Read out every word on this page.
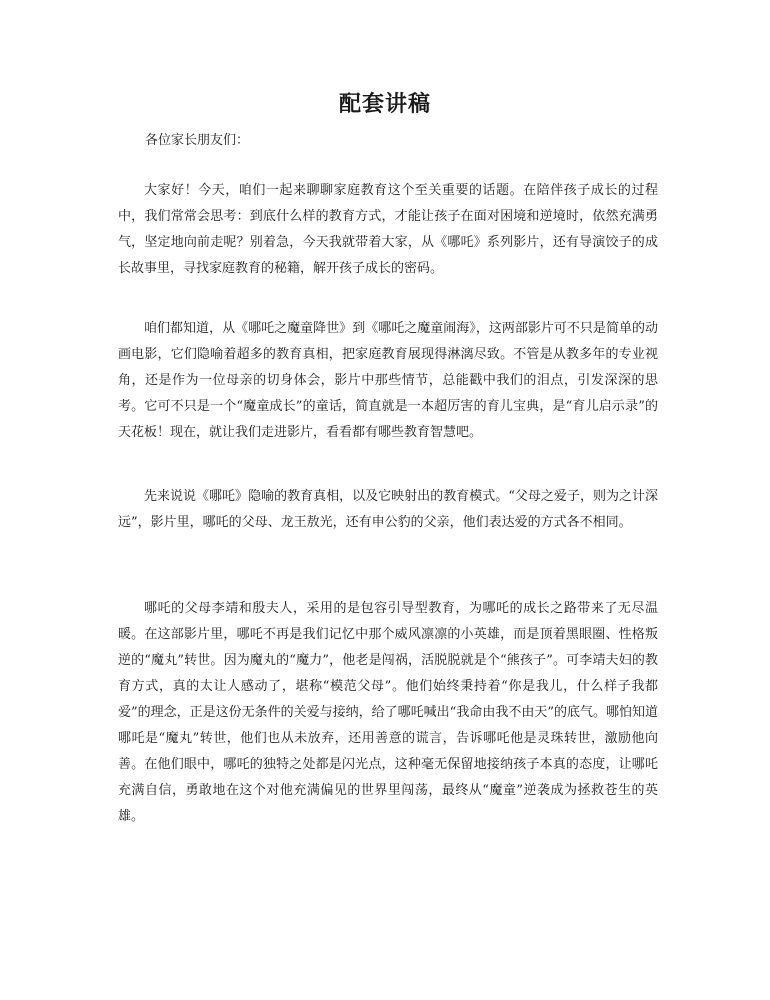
配套讲稿

各位家长朋友们：

大家好！今天，咱们一起来聊聊家庭教育这个至关重要的话题。在陪伴孩子成长的过程中，我们常常会思考：到底什么样的教育方式，才能让孩子在面对困境和逆境时，依然充满勇气，坚定地向前走呢？别着急，今天我就带着大家，从《哪吒》系列影片，还有导演饺子的成长故事里，寻找家庭教育的秘籍，解开孩子成长的密码。

咱们都知道，从《哪吒之魔童降世》到《哪吒之魔童闹海》，这两部影片可不只是简单的动画电影，它们隐喻着超多的教育真相，把家庭教育展现得淋漓尽致。不管是从教多年的专业视角，还是作为一位母亲的切身体会，影片中那些情节，总能戳中我们的泪点，引发深深的思考。它可不只是一个“魔童成长”的童话，简直就是一本超厉害的育儿宝典，是“育儿启示录”的天花板！现在，就让我们走进影片，看看都有哪些教育智慧吧。

先来说说《哪吒》隐喻的教育真相，以及它映射出的教育模式。“父母之爱子，则为之计深远”，影片里，哪吒的父母、龙王敖光，还有申公豹的父亲，他们表达爱的方式各不相同。

哪吒的父母李靖和殷夫人，采用的是包容引导型教育，为哪吒的成长之路带来了无尽温暖。在这部影片里，哪吒不再是我们记忆中那个威风凛凛的小英雄，而是顶着黑眼圈、性格叛逆的“魔丸”转世。因为魔丸的“魔力”，他老是闯祸，活脱脱就是个“熊孩子”。可李靖夫妇的教育方式，真的太让人感动了，堪称“模范父母”。他们始终秉持着“你是我儿，什么样子我都爱”的理念，正是这份无条件的关爱与接纳，给了哪吒喊出“我命由我不由天”的底气。哪怕知道哪吒是“魔丸”转世，他们也从未放弃，还用善意的谎言，告诉哪吒他是灵珠转世，激励他向善。在他们眼中，哪吒的独特之处都是闪光点，这种毫无保留地接纳孩子本真的态度，让哪吒充满自信，勇敢地在这个对他充满偏见的世界里闯荡，最终从“魔童”逆袭成为拯救苍生的英雄。
